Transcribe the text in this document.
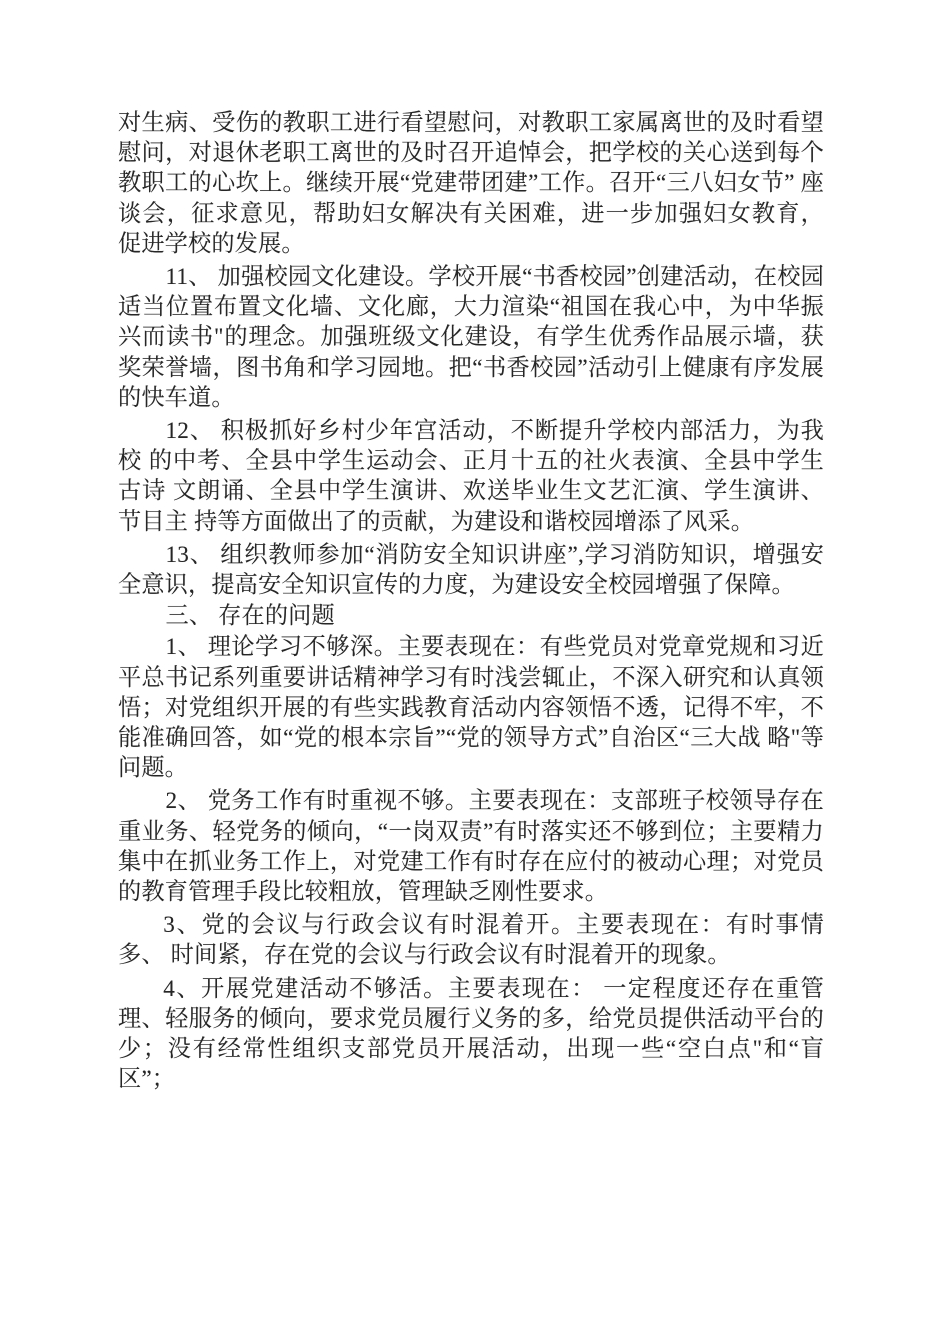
对生病、受伤的教职工进行看望慰问，对教职工家属离世的及时看望慰问，对退休老职工离世的及时召开追悼会，把学校的关心送到每个教职工的心坎上。继续开展“党建带团建”工作。召开“三八妇女节” 座谈会，征求意见，帮助妇女解决有关困难，进一步加强妇女教育， 促进学校的发展。

11、 加强校园文化建设。学校开展“书香校园”创建活动，在校园适当位置布置文化墙、文化廊，大力渲染“祖国在我心中，为中华振兴而读书"的理念。加强班级文化建设，有学生优秀作品展示墙，获奖荣誉墙，图书角和学习园地。把“书香校园”活动引上健康有序发展的快车道。

12、 积极抓好乡村少年宫活动，不断提升学校内部活力，为我校 的中考、全县中学生运动会、正月十五的社火表演、全县中学生古诗 文朗诵、全县中学生演讲、欢送毕业生文艺汇演、学生演讲、节目主 持等方面做出了的贡献，为建设和谐校园增添了风采。

13、 组织教师参加“消防安全知识讲座”,学习消防知识，增强安全意识，提高安全知识宣传的力度，为建设安全校园增强了保障。

三、 存在的问题

1、 理论学习不够深。主要表现在：有些党员对党章党规和习近 平总书记系列重要讲话精神学习有时浅尝辄止，不深入研究和认真领 悟；对党组织开展的有些实践教育活动内容领悟不透，记得不牢，不 能准确回答，如“党的根本宗旨”“党的领导方式”自治区“三大战 略"等问题。

2、 党务工作有时重视不够。主要表现在：支部班子校领导存在 重业务、轻党务的倾向，“一岗双责”有时落实还不够到位；主要精力 集中在抓业务工作上，对党建工作有时存在应付的被动心理；对党员 的教育管理手段比较粗放，管理缺乏刚性要求。

3、党的会议与行政会议有时混着开。主要表现在：有时事情多、 时间紧，存在党的会议与行政会议有时混着开的现象。

4、开展党建活动不够活。主要表现在： 一定程度还存在重管理、轻服务的倾向，要求党员履行义务的多，给党员提供活动平台的少；没有经常性组织支部党员开展活动，出现一些“空白点"和“盲区”；
